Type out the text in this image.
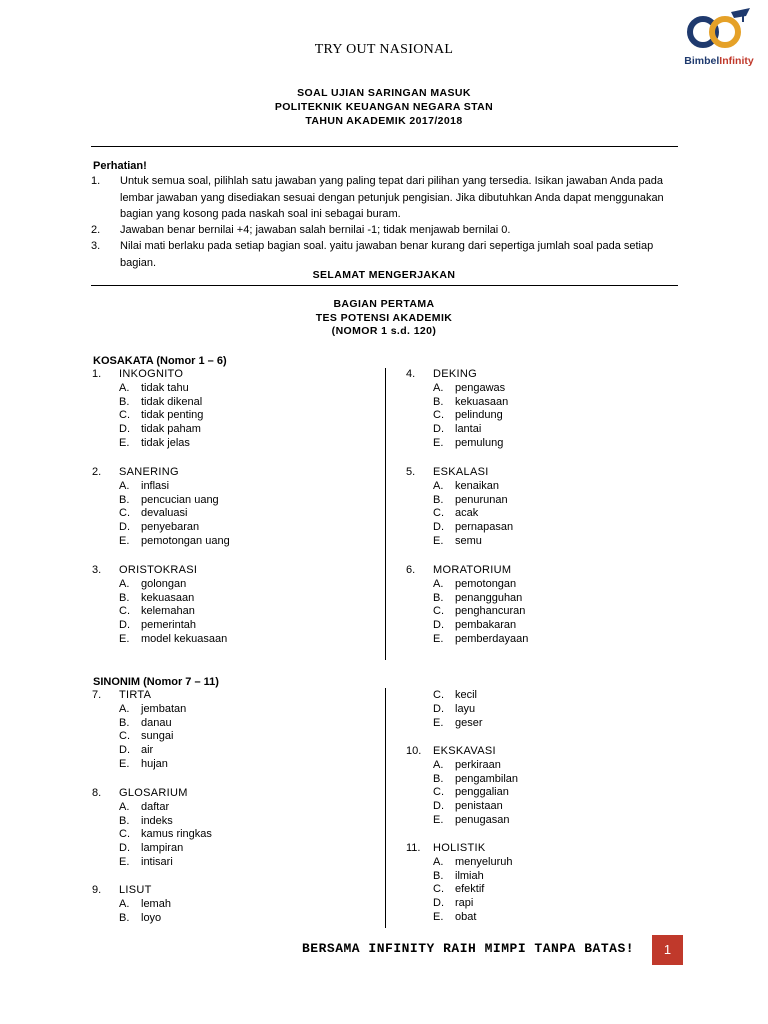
TRY OUT NASIONAL
BimbelInfinity
SOAL UJIAN SARINGAN MASUK
POLITEKNIK KEUANGAN NEGARA STAN
TAHUN AKADEMIK 2017/2018
Perhatian!
1. Untuk semua soal, pilihlah satu jawaban yang paling tepat dari pilihan yang tersedia. Isikan jawaban Anda pada lembar jawaban yang disediakan sesuai dengan petunjuk pengisian. Jika dibutuhkan Anda dapat menggunakan bagian yang kosong pada naskah soal ini sebagai buram.
2. Jawaban benar bernilai +4; jawaban salah bernilai -1; tidak menjawab bernilai 0.
3. Nilai mati berlaku pada setiap bagian soal. yaitu jawaban benar kurang dari sepertiga jumlah soal pada setiap bagian.
SELAMAT MENGERJAKAN
BAGIAN PERTAMA
TES POTENSI AKADEMIK
(NOMOR 1 s.d. 120)
KOSAKATA (Nomor 1 – 6)
1. INKOGNITO
A. tidak tahu
B. tidak dikenal
C. tidak penting
D. tidak paham
E. tidak jelas
2. SANERING
A. inflasi
B. pencucian uang
C. devaluasi
D. penyebaran
E. pemotongan uang
3. ORISTOKRASI
A. golongan
B. kekuasaan
C. kelemahan
D. pemerintah
E. model kekuasaan
4. DEKING
A. pengawas
B. kekuasaan
C. pelindung
D. lantai
E. pemulung
5. ESKALASI
A. kenaikan
B. penurunan
C. acak
D. pernapasan
E. semu
6. MORATORIUM
A. pemotongan
B. penangguhan
C. penghancuran
D. pembakaran
E. pemberdayaan
SINONIM (Nomor 7 – 11)
7. TIRTA
A. jembatan
B. danau
C. sungai
D. air
E. hujan
8. GLOSARIUM
A. daftar
B. indeks
C. kamus ringkas
D. lampiran
E. intisari
9. LISUT
A. lemah
B. loyo
C. kecil
D. layu
E. geser
10. EKSKAVASI
A. perkiraan
B. pengambilan
C. penggalian
D. penistaan
E. penugasan
11. HOLISTIK
A. menyeluruh
B. ilmiah
C. efektif
D. rapi
E. obat
BERSAMA INFINITY RAIH MIMPI TANPA BATAS!	1
